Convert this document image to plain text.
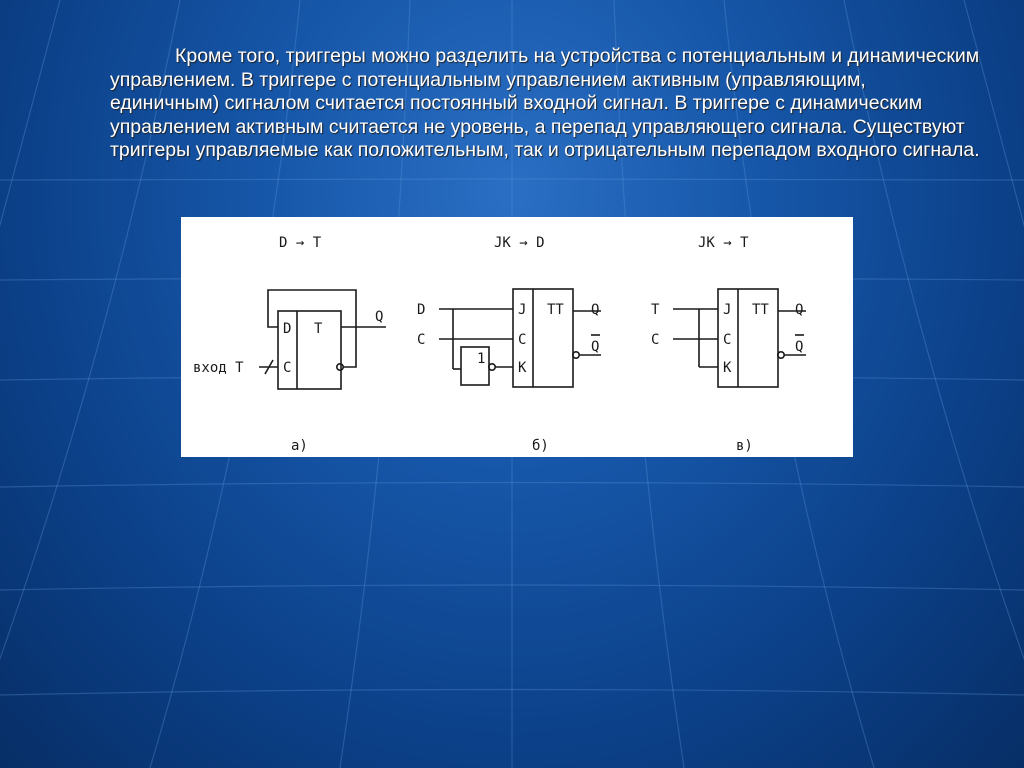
Кроме того, триггеры можно разделить на устройства с потенциальным и динамическим управлением. В триггере с потенциальным управлением активным (управляющим, единичным) сигналом считается постоянный входной сигнал. В триггере с динамическим управлением активным считается не уровень, а перепад управляющего сигнала. Существуют триггеры управляемые как положительным, так и отрицательным перепадом входного сигнала.

D → T
D
C
T
Q
вход T
а)
JK → D
J
C
K
TT
D
C
1
Q
Q
б)
JK → T
J
C
K
TT
T
C
Q
Q
в)
